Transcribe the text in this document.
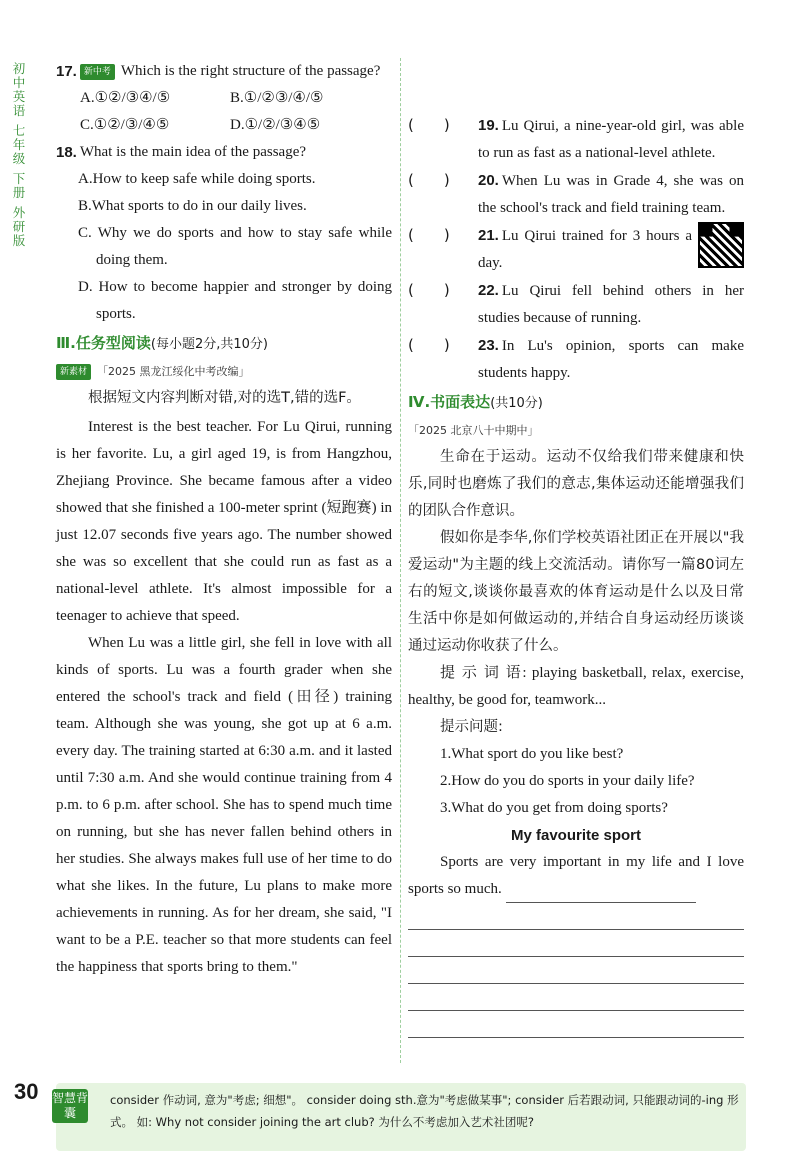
初
中
英
语
七
年
级
下
册
外
研
版
17. 新中考 Which is the right structure of the passage?
A.①②/③④/⑤	B.①/②③/④/⑤
C.①②/③/④⑤	D.①/②/③④⑤
18. What is the main idea of the passage?
A.How to keep safe while doing sports.
B.What sports to do in our daily lives.
C. Why we do sports and how to stay safe while doing them.
D. How to become happier and stronger by doing sports.
Ⅲ.任务型阅读(每小题2分,共10分)
新素材 「2025 黑龙江绥化中考改编」
根据短文内容判断对错,对的选T,错的选F。
Interest is the best teacher. For Lu Qirui, running is her favorite. Lu, a girl aged 19, is from Hangzhou, Zhejiang Province. She became famous after a video showed that she finished a 100-meter sprint (短跑赛) in just 12.07 seconds five years ago. The number showed she was so excellent that she could run as fast as a national-level athlete. It's almost impossible for a teenager to achieve that speed.
When Lu was a little girl, she fell in love with all kinds of sports. Lu was a fourth grader when she entered the school's track and field (田径) training team. Although she was young, she got up at 6 a.m. every day. The training started at 6:30 a.m. and it lasted until 7:30 a.m. And she would continue training from 4 p.m. to 6 p.m. after school. She has to spend much time on running, but she has never fallen behind others in her studies. She always makes full use of her time to do what she likes. In the future, Lu plans to make more achievements in running. As for her dream, she said, "I want to be a P.E. teacher so that more students can feel the happiness that sports bring to them."
(　　)	19. Lu Qirui, a nine-year-old girl, was able to run as fast as a national-level athlete.
(　　)	20. When Lu was in Grade 4, she was on the school's track and field training team.
(　　)	21. Lu Qirui trained for 3 hours a day.
(　　)	22. Lu Qirui fell behind others in her studies because of running.
(　　)	23. In Lu's opinion, sports can make students happy.
Ⅳ.书面表达(共10分)
「2025 北京八十中期中」
生命在于运动。运动不仅给我们带来健康和快乐,同时也磨炼了我们的意志,集体运动还能增强我们的团队合作意识。
假如你是李华,你们学校英语社团正在开展以"我爱运动"为主题的线上交流活动。请你写一篇80词左右的短文,谈谈你最喜欢的体育运动是什么以及日常生活中你是如何做运动的,并结合自身运动经历谈谈通过运动你收获了什么。
提 示 词 语: playing basketball, relax, exercise, healthy, be good for, teamwork...
提示问题:
1.What sport do you like best?
2.How do you do sports in your daily life?
3.What do you get from doing sports?
My favourite sport
Sports are very important in my life and I love sports so much.
30 智慧背囊
consider 作动词, 意为"考虑; 细想"。 consider doing sth.意为"考虑做某事"; consider 后若跟动词, 只能跟动词的-ing 形式。 如: Why not consider joining the art club? 为什么不考虑加入艺术社团呢?
